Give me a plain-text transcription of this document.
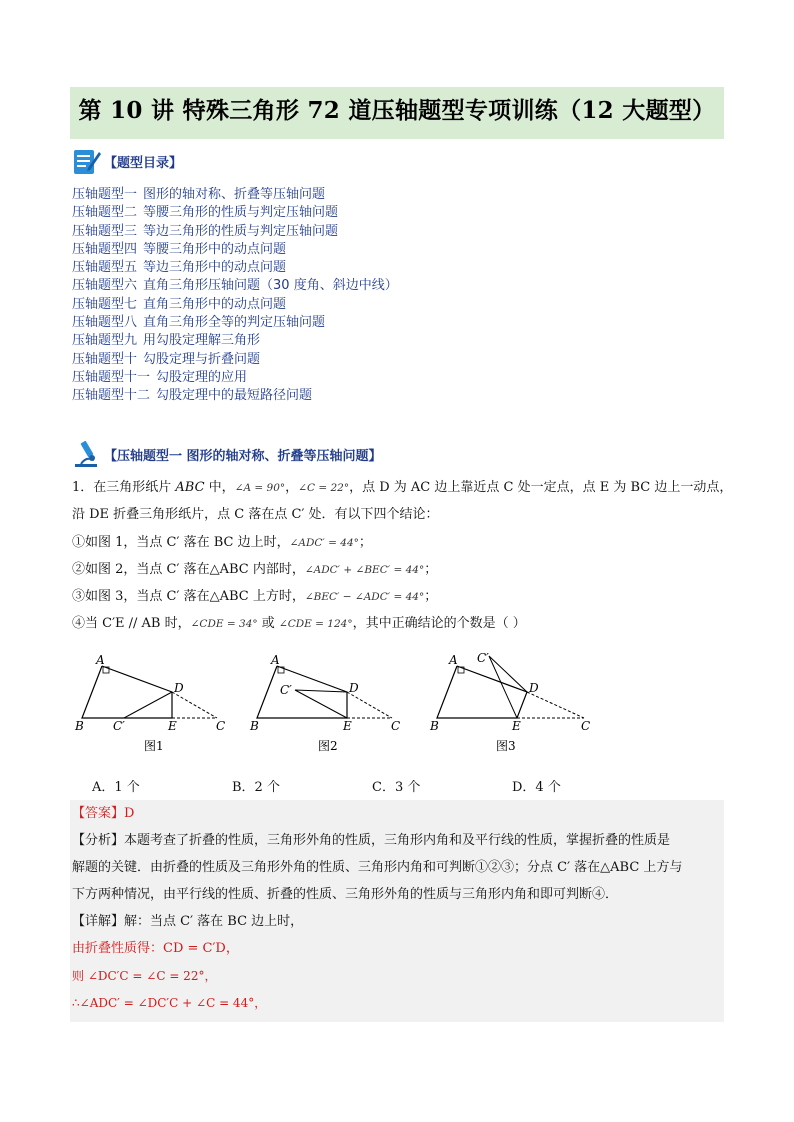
第 10 讲 特殊三角形 72 道压轴题型专项训练（12 大题型）
【题型目录】
压轴题型一 图形的轴对称、折叠等压轴问题
压轴题型二 等腰三角形的性质与判定压轴问题
压轴题型三 等边三角形的性质与判定压轴问题
压轴题型四 等腰三角形中的动点问题
压轴题型五 等边三角形中的动点问题
压轴题型六 直角三角形压轴问题（30 度角、斜边中线）
压轴题型七 直角三角形中的动点问题
压轴题型八 直角三角形全等的判定压轴问题
压轴题型九 用勾股定理解三角形
压轴题型十 勾股定理与折叠问题
压轴题型十一 勾股定理的应用
压轴题型十二 勾股定理中的最短路径问题
【压轴题型一 图形的轴对称、折叠等压轴问题】
1．在三角形纸片 ABC 中，∠A = 90°，∠C = 22°，点 D 为 AC 边上靠近点 C 处一定点，点 E 为 BC 边上一动点，
沿 DE 折叠三角形纸片，点 C 落在点 C′ 处．有以下四个结论：
①如图 1，当点 C′ 落在 BC 边上时，∠ADC′ = 44°；
②如图 2，当点 C′ 落在△ABC 内部时，∠ADC′ + ∠BEC′ = 44°；
③如图 3，当点 C′ 落在△ABC 上方时，∠BEC′ − ∠ADC′ = 44°；
④当 C′E // AB 时，∠CDE = 34° 或 ∠CDE = 124°，其中正确结论的个数是（ ）
A
B
D
E	C
C′
A
B
D
E	C
C′
A
B
D
E	C
C′
图1	图2	图3
A．1 个	B．2 个	C．3 个	D．4 个
【答案】D
【分析】本题考查了折叠的性质，三角形外角的性质，三角形内角和及平行线的性质，掌握折叠的性质是
解题的关键．由折叠的性质及三角形外角的性质、三角形内角和可判断①②③；分点 C′ 落在△ABC 上方与
下方两种情况，由平行线的性质、折叠的性质、三角形外角的性质与三角形内角和即可判断④．
【详解】解：当点 C′ 落在 BC 边上时，
由折叠性质得：CD = C′D，
则 ∠DC′C = ∠C = 22°，
∴∠ADC′ = ∠DC′C + ∠C = 44°，
